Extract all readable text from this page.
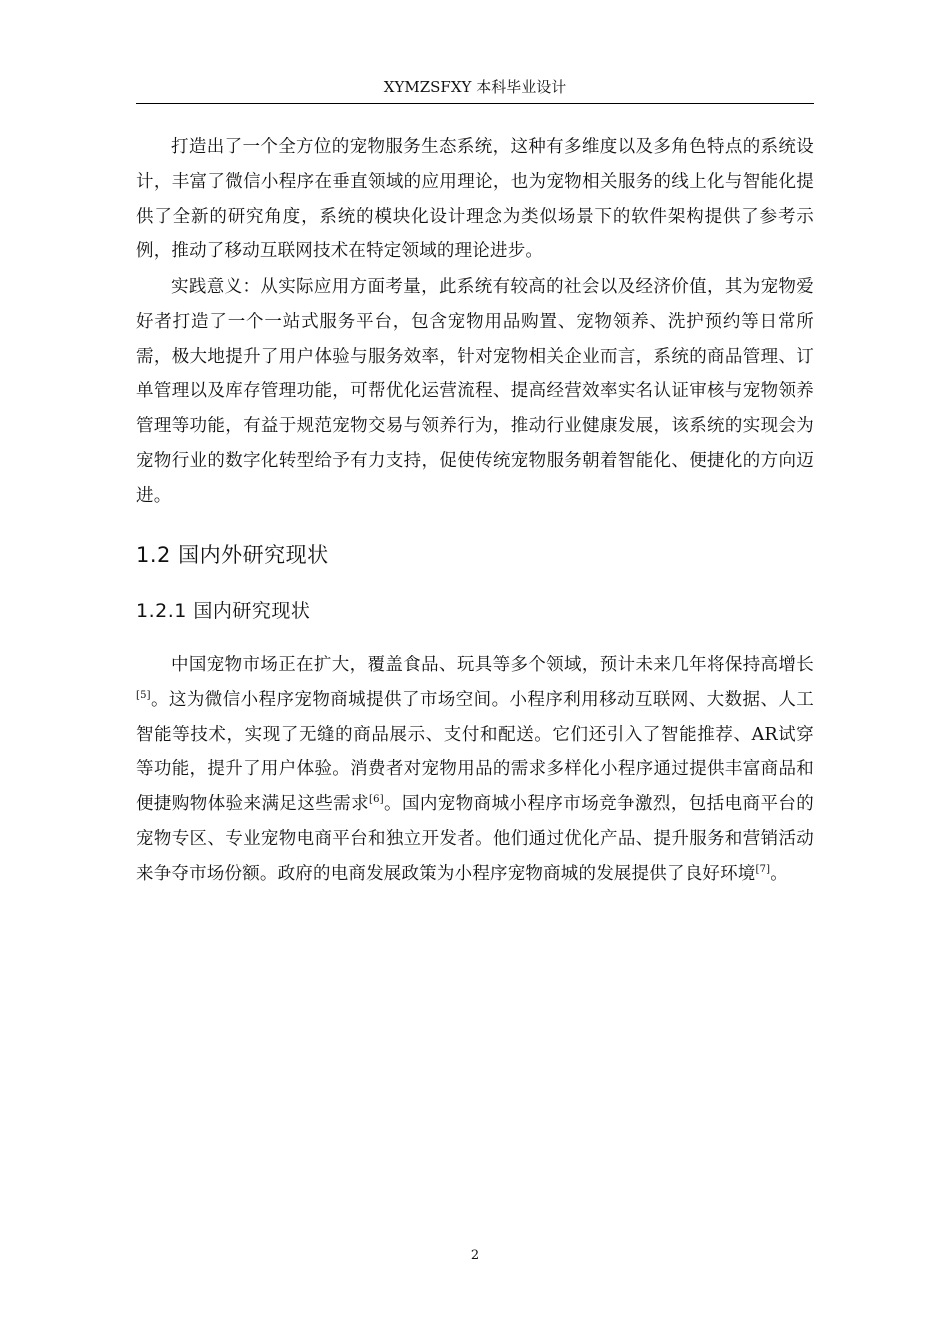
XYMZSFXY 本科毕业设计

打造出了一个全方位的宠物服务生态系统，这种有多维度以及多角色特点的系统设计，丰富了微信小程序在垂直领域的应用理论，也为宠物相关服务的线上化与智能化提供了全新的研究角度，系统的模块化设计理念为类似场景下的软件架构提供了参考示例，推动了移动互联网技术在特定领域的理论进步。

实践意义：从实际应用方面考量，此系统有较高的社会以及经济价值，其为宠物爱好者打造了一个一站式服务平台，包含宠物用品购置、宠物领养、洗护预约等日常所需，极大地提升了用户体验与服务效率，针对宠物相关企业而言，系统的商品管理、订单管理以及库存管理功能，可帮优化运营流程、提高经营效率实名认证审核与宠物领养管理等功能，有益于规范宠物交易与领养行为，推动行业健康发展，该系统的实现会为宠物行业的数字化转型给予有力支持，促使传统宠物服务朝着智能化、便捷化的方向迈进。

1.2 国内外研究现状
1.2.1 国内研究现状

中国宠物市场正在扩大，覆盖食品、玩具等多个领域，预计未来几年将保持高增长[5]。这为微信小程序宠物商城提供了市场空间。小程序利用移动互联网、大数据、人工智能等技术，实现了无缝的商品展示、支付和配送。它们还引入了智能推荐、AR试穿等功能，提升了用户体验。消费者对宠物用品的需求多样化小程序通过提供丰富商品和便捷购物体验来满足这些需求[6]。国内宠物商城小程序市场竞争激烈，包括电商平台的宠物专区、专业宠物电商平台和独立开发者。他们通过优化产品、提升服务和营销活动来争夺市场份额。政府的电商发展政策为小程序宠物商城的发展提供了良好环境[7]。

2
